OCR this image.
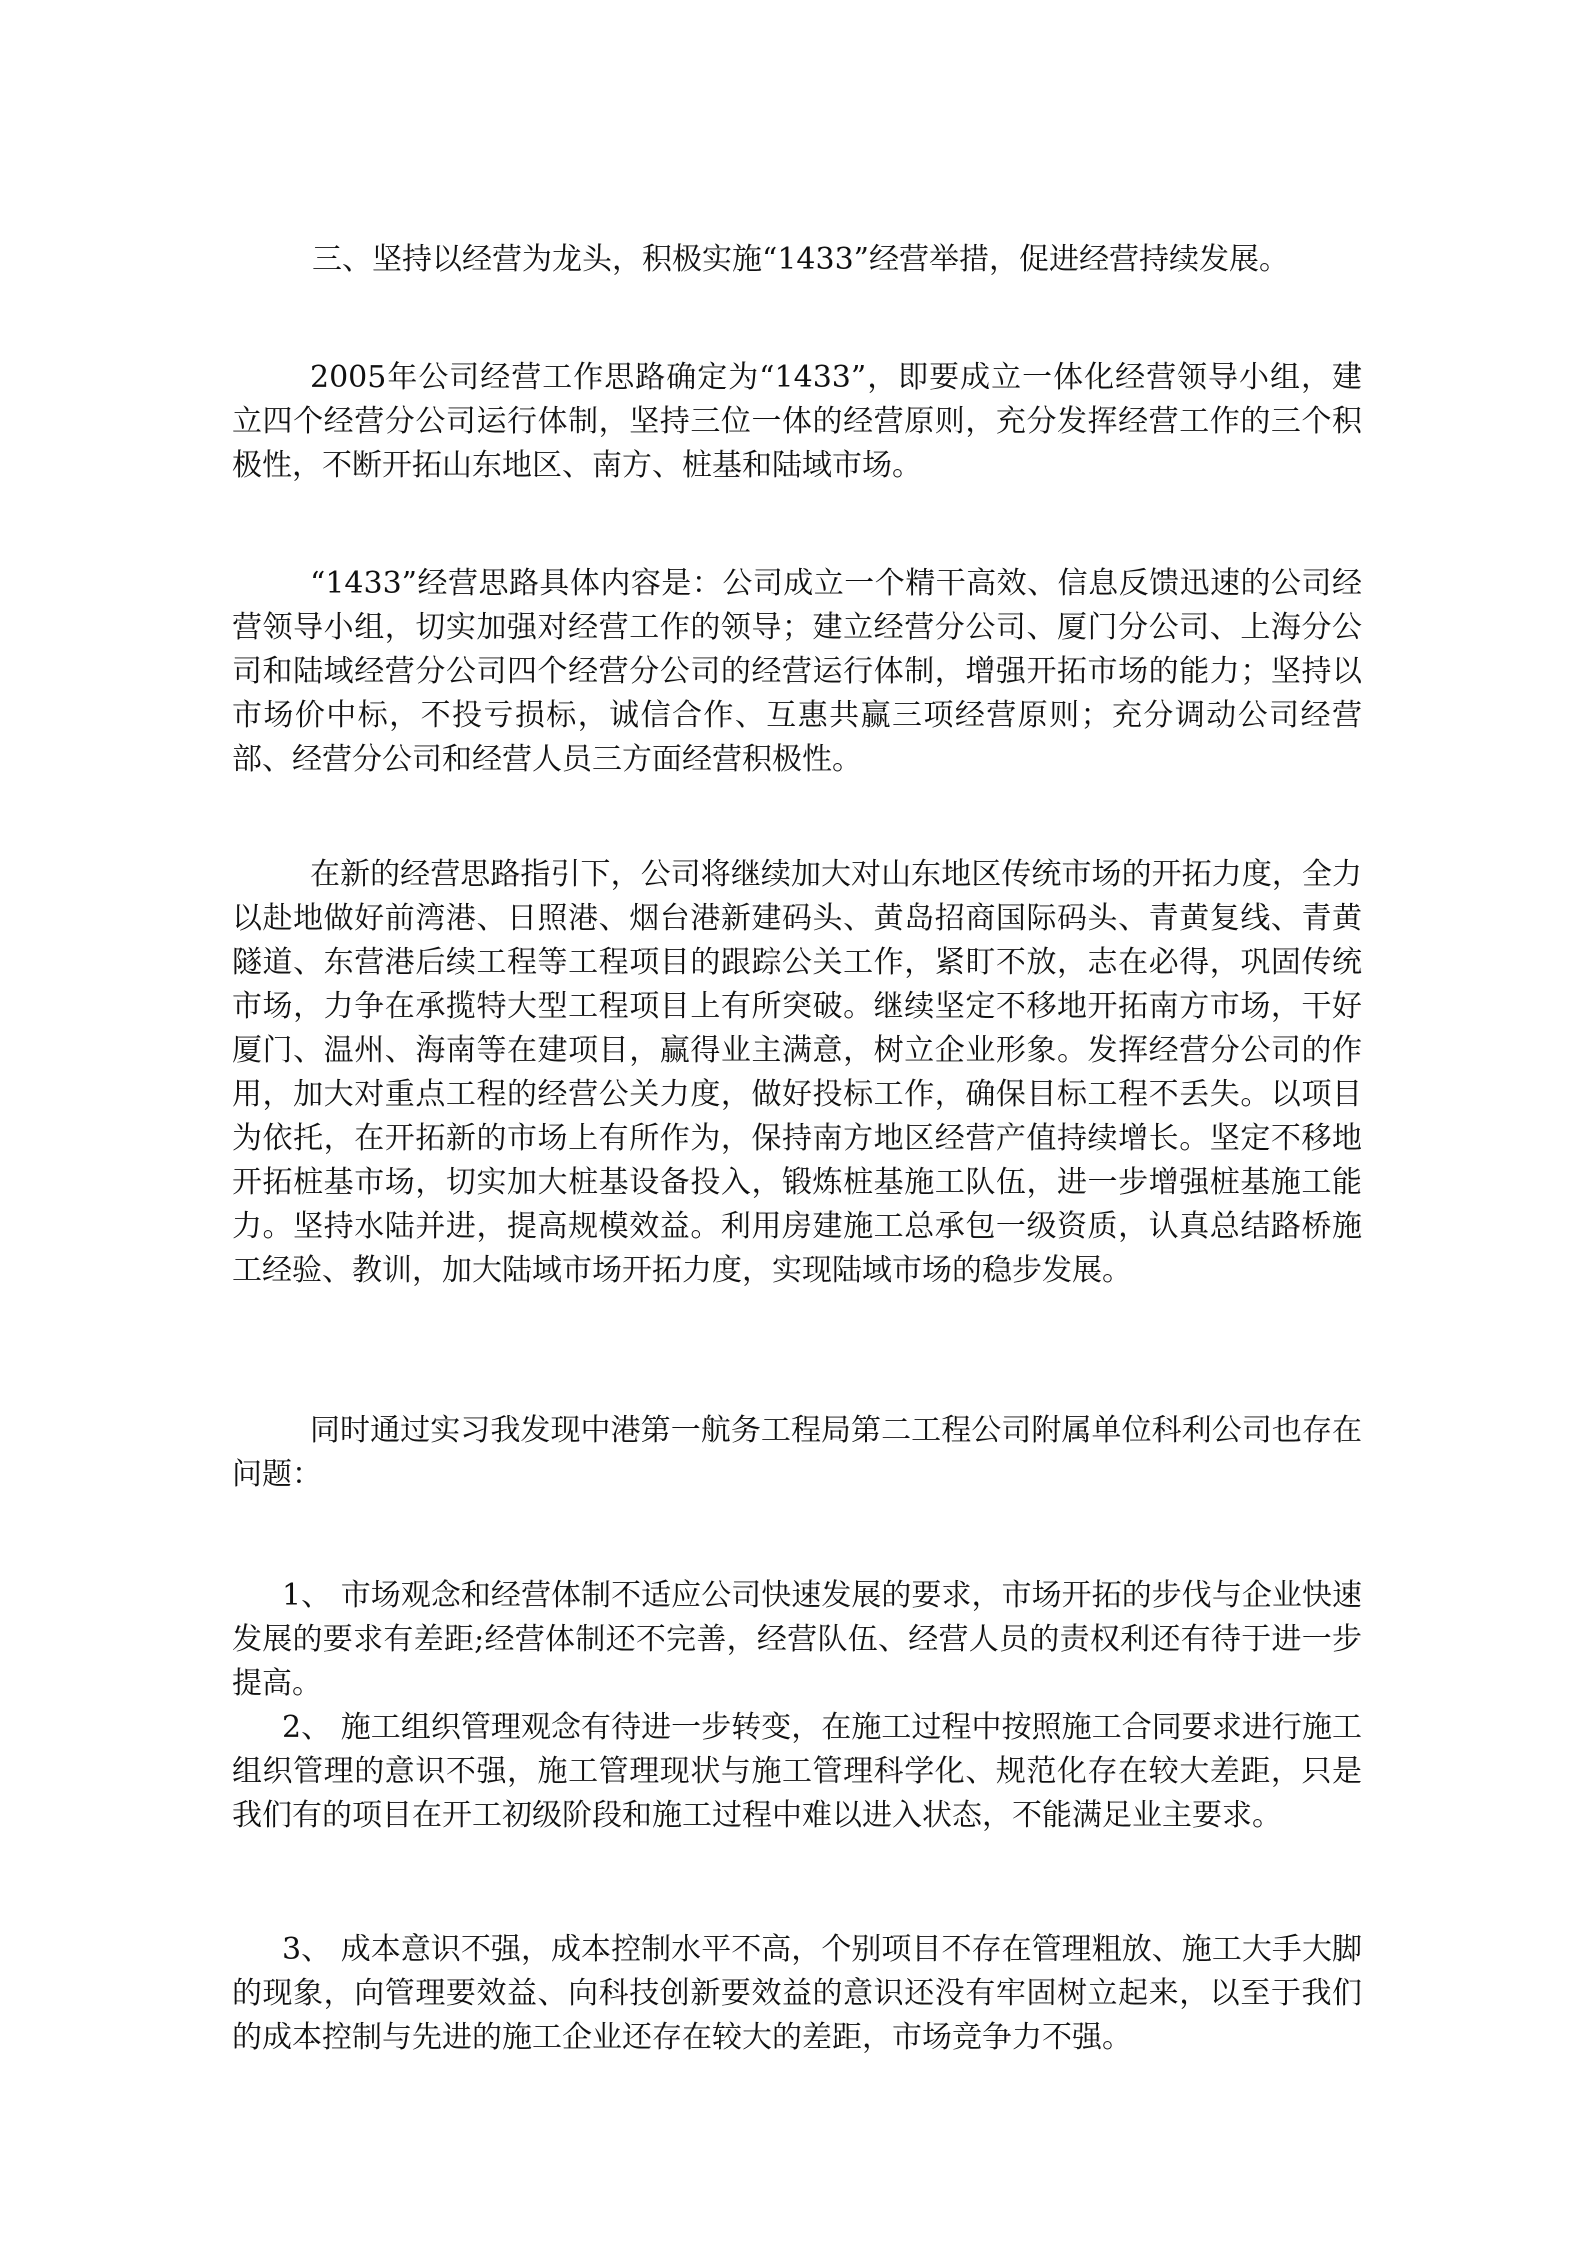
三、坚持以经营为龙头，积极实施“1433”经营举措，促进经营持续发展。

2005年公司经营工作思路确定为“1433”，即要成立一体化经营领导小组，建立四个经营分公司运行体制，坚持三位一体的经营原则，充分发挥经营工作的三个积极性，不断开拓山东地区、南方、桩基和陆域市场。

“1433”经营思路具体内容是：公司成立一个精干高效、信息反馈迅速的公司经营领导小组，切实加强对经营工作的领导；建立经营分公司、厦门分公司、上海分公司和陆域经营分公司四个经营分公司的经营运行体制，增强开拓市场的能力；坚持以市场价中标，不投亏损标，诚信合作、互惠共赢三项经营原则；充分调动公司经营部、经营分公司和经营人员三方面经营积极性。

在新的经营思路指引下，公司将继续加大对山东地区传统市场的开拓力度，全力以赴地做好前湾港、日照港、烟台港新建码头、黄岛招商国际码头、青黄复线、青黄隧道、东营港后续工程等工程项目的跟踪公关工作，紧盯不放，志在必得，巩固传统市场，力争在承揽特大型工程项目上有所突破。继续坚定不移地开拓南方市场，干好厦门、温州、海南等在建项目，赢得业主满意，树立企业形象。发挥经营分公司的作用，加大对重点工程的经营公关力度，做好投标工作，确保目标工程不丢失。以项目为依托，在开拓新的市场上有所作为，保持南方地区经营产值持续增长。坚定不移地开拓桩基市场，切实加大桩基设备投入，锻炼桩基施工队伍，进一步增强桩基施工能力。坚持水陆并进，提高规模效益。利用房建施工总承包一级资质，认真总结路桥施工经验、教训，加大陆域市场开拓力度，实现陆域市场的稳步发展。

同时通过实习我发现中港第一航务工程局第二工程公司附属单位科利公司也存在问题：

1、 市场观念和经营体制不适应公司快速发展的要求，市场开拓的步伐与企业快速发展的要求有差距;经营体制还不完善，经营队伍、经营人员的责权利还有待于进一步提高。

2、 施工组织管理观念有待进一步转变，在施工过程中按照施工合同要求进行施工组织管理的意识不强，施工管理现状与施工管理科学化、规范化存在较大差距，只是我们有的项目在开工初级阶段和施工过程中难以进入状态，不能满足业主要求。

3、 成本意识不强，成本控制水平不高，个别项目不存在管理粗放、施工大手大脚的现象，向管理要效益、向科技创新要效益的意识还没有牢固树立起来，以至于我们的成本控制与先进的施工企业还存在较大的差距，市场竞争力不强。
